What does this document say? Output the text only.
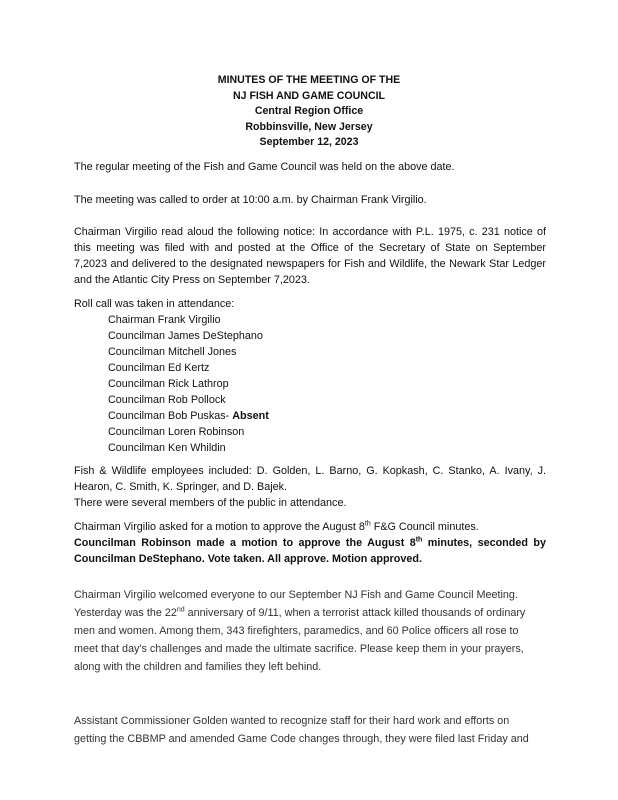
MINUTES OF THE MEETING OF THE
NJ FISH AND GAME COUNCIL
Central Region Office
Robbinsville, New Jersey
September 12, 2023
The regular meeting of the Fish and Game Council was held on the above date.
The meeting was called to order at 10:00 a.m. by Chairman Frank Virgilio.
Chairman Virgilio read aloud the following notice: In accordance with P.L. 1975, c. 231 notice of
this meeting was filed with and posted at the Office of the Secretary of State on September
7,2023 and delivered to the designated newspapers for Fish and Wildlife, the Newark Star Ledger
and the Atlantic City Press on September 7,2023.
Roll call was taken in attendance:
Chairman Frank Virgilio
Councilman James DeStephano
Councilman Mitchell Jones
Councilman Ed Kertz
Councilman Rick Lathrop
Councilman Rob Pollock
Councilman Bob Puskas- Absent
Councilman Loren Robinson
Councilman Ken Whildin
Fish & Wildlife employees included: D. Golden, L. Barno, G. Kopkash, C. Stanko, A. Ivany, J.
Hearon, C. Smith, K. Springer, and D. Bajek.
There were several members of the public in attendance.
Chairman Virgilio asked for a motion to approve the August 8th F&G Council minutes.
Councilman Robinson made a motion to approve the August 8th minutes, seconded by
Councilman DeStephano. Vote taken. All approve. Motion approved.
Chairman Virgilio welcomed everyone to our September NJ Fish and Game Council Meeting.
Yesterday was the 22nd anniversary of 9/11, when a terrorist attack killed thousands of ordinary
men and women. Among them, 343 firefighters, paramedics, and 60 Police officers all rose to
meet that day's challenges and made the ultimate sacrifice. Please keep them in your prayers,
along with the children and families they left behind.
Assistant Commissioner Golden wanted to recognize staff for their hard work and efforts on
getting the CBBMP and amended Game Code changes through, they were filed last Friday and
